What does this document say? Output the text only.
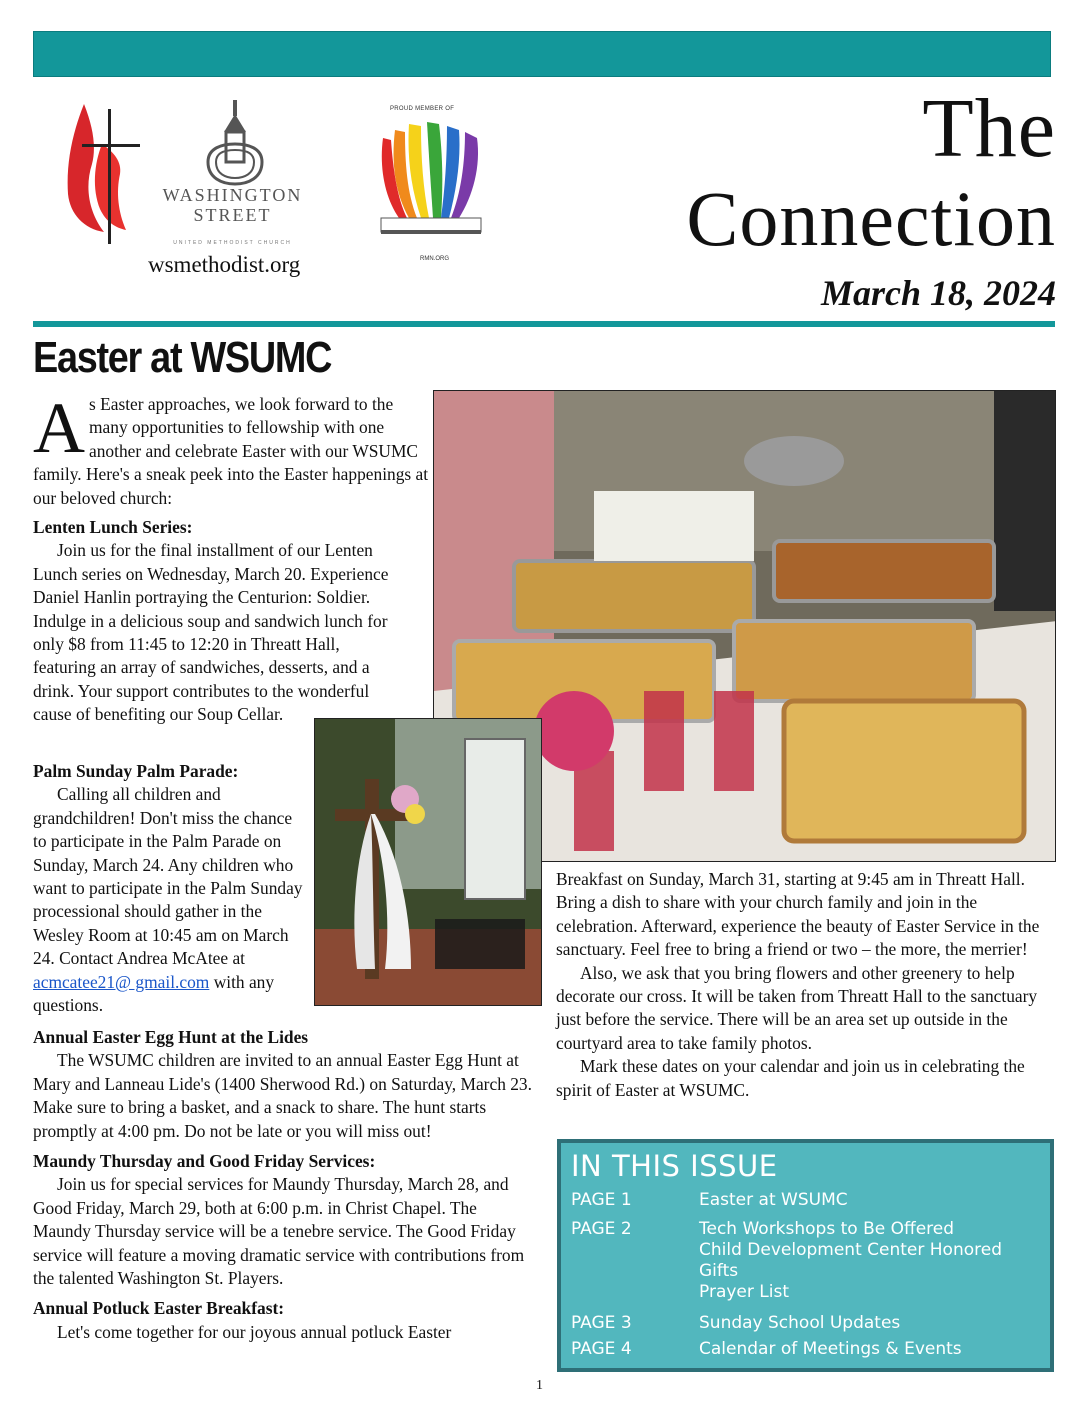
WASHINGTON
STREET
UNITED METHODIST CHURCH
wsmethodist.org
PROUD MEMBER OF
RMN.ORG
The
Connection
March 18, 2024
Easter at WSUMC
As Easter approaches, we look forward to the many opportunities to fellowship with one another and celebrate Easter with our WSUMC family. Here's a sneak peek into the Easter happenings at our beloved church:

Lenten Lunch Series:

Join us for the final installment of our Lenten Lunch series on Wednesday, March 20. Experience Daniel Hanlin portraying the Centurion: Soldier. Indulge in a delicious soup and sandwich lunch for only $8 from 11:45 to 12:20 in Threatt Hall, featuring an array of sandwiches, desserts, and a drink. Your support contributes to the wonderful cause of benefiting our Soup Cellar.

Palm Sunday Palm Parade:

Calling all children and grandchildren! Don't miss the chance to participate in the Palm Parade on Sunday, March 24. Any children who want to participate in the Palm Sunday processional should gather in the Wesley Room at 10:45 am on March 24. Contact Andrea McAtee at acmcatee21@ gmail.com with any questions.

Annual Easter Egg Hunt at the Lides

The WSUMC children are invited to an annual Easter Egg Hunt at Mary and Lanneau Lide's (1400 Sherwood Rd.) on Saturday, March 23. Make sure to bring a basket, and a snack to share. The hunt starts promptly at 4:00 pm. Do not be late or you will miss out!

Maundy Thursday and Good Friday Services:

Join us for special services for Maundy Thursday, March 28, and Good Friday, March 29, both at 6:00 p.m. in Christ Chapel. The Maundy Thursday service will be a tenebre service. The Good Friday service will feature a moving dramatic service with contributions from the talented Washington St. Players.

Annual Potluck Easter Breakfast:

Let's come together for our joyous annual potluck Easter

Breakfast on Sunday, March 31, starting at 9:45 am in Threatt Hall. Bring a dish to share with your church family and join in the celebration. Afterward, experience the beauty of Easter Service in the sanctuary. Feel free to bring a friend or two – the more, the merrier!

Also, we ask that you bring flowers and other greenery to help decorate our cross. It will be taken from Threatt Hall to the sanctuary just before the service. There will be an area set up outside in the courtyard area to take family photos.

Mark these dates on your calendar and join us in celebrating the spirit of Easter at WSUMC.

IN THIS ISSUE
PAGE 1	Easter at WSUMC
PAGE 2	Tech Workshops to Be Offered
Child Development Center Honored
Gifts
Prayer List
PAGE 3	Sunday School Updates
PAGE 4	Calendar of Meetings & Events
1
